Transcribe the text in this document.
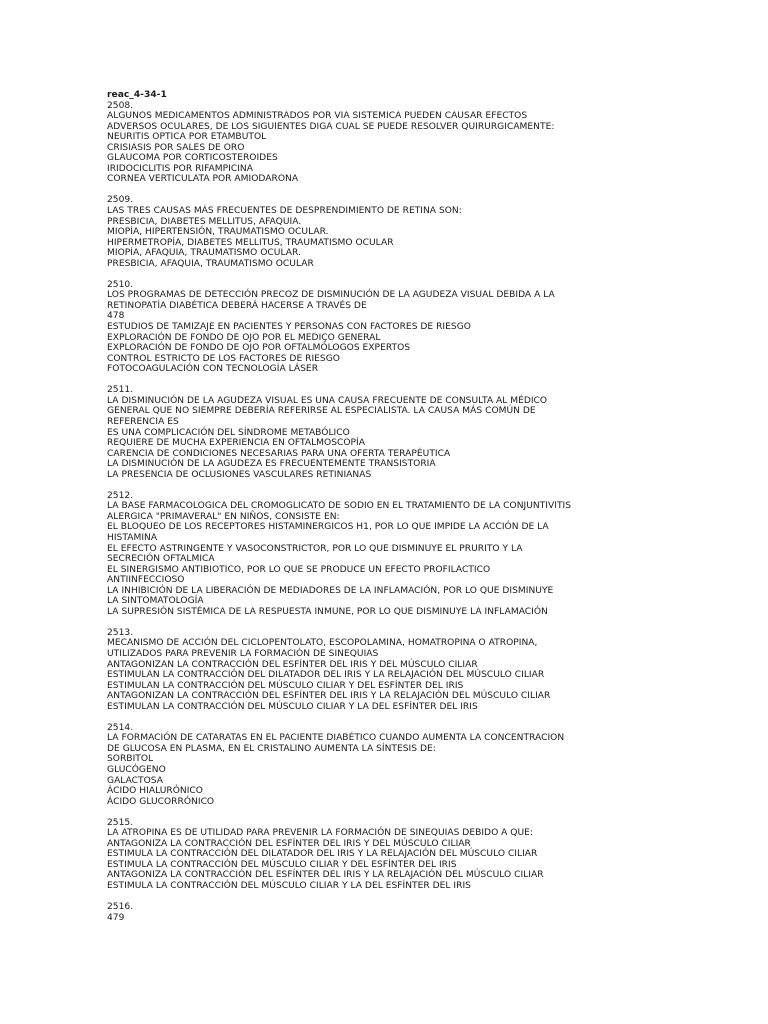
reac_4-34-1
2508.
ALGUNOS MEDICAMENTOS ADMINISTRADOS POR VIA SISTEMICA PUEDEN CAUSAR EFECTOS
ADVERSOS OCULARES, DE LOS SIGUIENTES DIGA CUAL SE PUEDE RESOLVER QUIRURGICAMENTE:
NEURITIS OPTICA POR ETAMBUTOL
CRISIASIS POR SALES DE ORO
GLAUCOMA POR CORTICOSTEROIDES
IRIDOCICLITIS POR RIFAMPICINA
CORNEA VERTICULATA POR AMIODARONA
2509.
LAS TRES CAUSAS MÁS FRECUENTES DE DESPRENDIMIENTO DE RETINA SON:
PRESBICIA, DIABETES MELLITUS, AFAQUIA.
MIOPÍA, HIPERTENSIÓN, TRAUMATISMO OCULAR.
HIPERMETROPÍA, DIABETES MELLITUS, TRAUMATISMO OCULAR
MIOPÍA, AFAQUIA, TRAUMATISMO OCULAR.
PRESBICIA, AFAQUIA, TRAUMATISMO OCULAR
2510.
LOS PROGRAMAS DE DETECCIÓN PRECOZ DE DISMINUCIÓN DE LA AGUDEZA VISUAL DEBIDA A LA
RETINOPATÍA DIABÉTICA DEBERÁ HACERSE A TRAVÉS DE
478
ESTUDIOS DE TAMIZAJE EN PACIENTES Y PERSONAS CON FACTORES DE RIESGO
EXPLORACIÓN DE FONDO DE OJO POR EL MEDIÇO GENERAL
EXPLORACIÓN DE FONDO DE OJO POR OFTALMÓLOGOS EXPERTOS
CONTROL ESTRICTO DE LOS FACTORES DE RIESGO
FOTOCOAGULACIÓN CON TECNOLOGÍA LÁSER
2511.
LA DISMINUCIÓN DE LA AGUDEZA VISUAL ES UNA CAUSA FRECUENTE DE CONSULTA AL MÉDICO
GENERAL QUE NO SIEMPRE DEBERÍA REFERIRSE AL ESPECIALISTA. LA CAUSA MÁS COMÚN DE
REFERENCIA ES
ES UNA COMPLICACIÓN DEL SÍNDROME METABÓLICO
REQUIERE DE MUCHA EXPERIENCIA EN OFTALMOSCOPÍA
CARENCIA DE CONDICIONES NECESARIAS PARA UNA OFERTA TERAPÉUTICA
LA DISMINUCIÓN DE LA AGUDEZA ES FRECUENTEMENTE TRANSISTORIA
LA PRESENCIA DE OCLUSIONES VASCULARES RETINIANAS
2512.
LA BASE FARMACOLOGICA DEL CROMOGLICATO DE SODIO EN EL TRATAMIENTO DE LA CONJUNTIVITIS
ALERGICA "PRIMAVERAL" EN NIÑOS, CONSISTE EN:
EL BLOQUEO DE LOS RECEPTORES HISTAMINERGICOS H1, POR LO QUE IMPIDE LA ACCIÓN DE LA
HISTAMINA
EL EFECTO ASTRINGENTE Y VASOCONSTRICTOR, POR LO QUE DISMINUYE EL PRURITO Y LA
SECRECIÓN OFTALMICA
EL SINERGISMO ANTIBIOTICO, POR LO QUE SE PRODUCE UN EFECTO PROFILACTICO
ANTIINFECCIOSO
LA INHIBICIÓN DE LA LIBERACIÓN DE MEDIADORES DE LA INFLAMACIÓN, POR LO QUE DISMINUYE
LA SINTOMATOLOGÍA
LA SUPRESIÓN SISTÉMICA DE LA RESPUESTA INMUNE, POR LO QUE DISMINUYE LA INFLAMACIÓN
2513.
MECANISMO DE ACCIÓN DEL CICLOPENTOLATO, ESCOPOLAMINA, HOMATROPINA O ATROPINA,
UTILIZADOS PARA PREVENIR LA FORMACIÓN DE SINEQUIAS
ANTAGONIZAN LA CONTRACCIÓN DEL ESFÍNTER DEL IRIS Y DEL MÚSCULO CILIAR
ESTIMULAN LA CONTRACCIÓN DEL DILATADOR DEL IRIS Y LA RELAJACIÓN DEL MÚSCULO CILIAR
ESTIMULAN LA CONTRACCIÓN DEL MÚSCULO CILIAR Y DEL ESFÍNTER DEL IRIS
ANTAGONIZAN LA CONTRACCIÓN DEL ESFÍNTER DEL IRIS Y LA RELAJACIÓN DEL MÚSCULO CILIAR
ESTIMULAN LA CONTRACCIÓN DEL MÚSCULO CILIAR Y LA DEL ESFÍNTER DEL IRIS
2514.
LA FORMACIÓN DE CATARATAS EN EL PACIENTE DIABÉTICO CUANDO AUMENTA LA CONCENTRACION
DE GLUCOSA EN PLASMA, EN EL CRISTALINO AUMENTA LA SÍNTESIS DE:
SORBITOL
GLUCÓGENO
GALACTOSA
ÁCIDO HIALURÓNICO
ÁCIDO GLUCORRÓNICO
2515.
LA ATROPINA ES DE UTILIDAD PARA PREVENIR LA FORMACIÓN DE SINEQUIAS DEBIDO A QUE:
ANTAGONIZA LA CONTRACCIÓN DEL ESFÍNTER DEL IRIS Y DEL MÚSCULO CILIAR
ESTIMULA LA CONTRACCIÓN DEL DILATADOR DEL IRIS Y LA RELAJACIÓN DEL MÚSCULO CILIAR
ESTIMULA LA CONTRACCIÓN DEL MÚSCULO CILIAR Y DEL ESFÍNTER DEL IRIS
ANTAGONIZA LA CONTRACCIÓN DEL ESFÍNTER DEL IRIS Y LA RELAJACIÓN DEL MÚSCULO CILIAR
ESTIMULA LA CONTRACCIÓN DEL MÚSCULO CILIAR Y LA DEL ESFÍNTER DEL IRIS
2516.
479
